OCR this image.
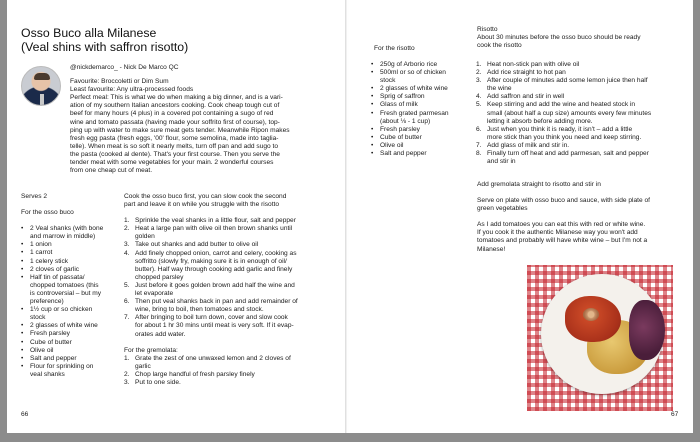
Osso Buco alla Milanese
(Veal shins with saffron risotto)
@nickdemarco_ - Nick De Marco QC
Favourite: Broccoletti or Dim Sum
Least favourite: Any ultra-processed foods
Perfect meal: This is what we do when making a big dinner, and is a vari-
ation of my southern Italian ancestors cooking. Cook cheap tough cut of
beef for many hours (4 plus) in a covered pot containing a sugo of red
wine and tomato passata (having made your soffrito first of course), top-
ping up with water to make sure meat gets tender. Meanwhile Ripon makes
fresh egg pasta (fresh eggs, '00' flour, some semolina, made into taglia-
telle). When meat is so soft it nearly melts, turn off pan and add sugo to
the pasta (cooked al dente). That's your first course. Then you serve the
tender meat with some vegetables for your main. 2 wonderful courses
from one cheap cut of meat.
Serves 2
For the osso buco
• 2 Veal shanks (with bone
and marrow in middle)
• 1 onion
• 1 carrot
• 1 celery stick
• 2 cloves of garlic
• Half tin of passata/
chopped tomatoes (this
is controversial – but my
preference)
• 1½ cup or so chicken
stock
• 2 glasses of white wine
• Fresh parsley
• Cube of butter
• Olive oil
• Salt and pepper
• Flour for sprinkling on
veal shanks
Cook the osso buco first, you can slow cook the second
part and leave it on while you struggle with the risotto
1. Sprinkle the veal shanks in a little flour, salt and pepper
2. Heat a large pan with olive oil then brown shanks until
golden
3. Take out shanks and add butter to olive oil
4. Add finely chopped onion, carrot and celery, cooking as
soffritto (slowly fry, making sure it is in enough of oil/
butter). Half way through cooking add garlic and finely
chopped parsley
5. Just before it goes golden brown add half the wine and
let evaporate
6. Then put veal shanks back in pan and add remainder of
wine, bring to boil, then tomatoes and stock.
7. After bringing to boil turn down, cover and slow cook
for about 1 hr 30 mins until meat is very soft. If it evap-
orates add water.
For the gremolata:
1. Grate the zest of one unwaxed lemon and 2 cloves of
garlic
2. Chop large handful of fresh parsley finely
3. Put to one side.
66
Risotto
About 30 minutes before the osso buco should be ready
cook the risotto
For the risotto
• 250g of Arborio rice
• 500ml or so of chicken
stock
• 2 glasses of white wine
• Sprig of saffron
• Glass of milk
• Fresh grated parmesan
(about ⅛ - 1 cup)
• Fresh parsley
• Cube of butter
• Olive oil
• Salt and pepper
1. Heat non-stick pan with olive oil
2. Add rice straight to hot pan
3. After couple of minutes add some lemon juice then half
the wine
4. Add saffron and stir in well
5. Keep stirring and add the wine and heated stock in
small (about half a cup size) amounts every few minutes
letting it absorb before adding more.
6. Just when you think it is ready, it isn't – add a little
more stick than you think you need and keep stirring.
7. Add glass of milk and stir in.
8. Finally turn off heat and add parmesan, salt and pepper
and stir in
Add gremolata straight to risotto and stir in
Serve on plate with osso buco and sauce, with side plate of
green vegetables
As I add tomatoes you can eat this with red or white wine.
If you cook it the authentic Milanese way you won't add
tomatoes and probably will have white wine – but I'm not a
Milanese!
67
